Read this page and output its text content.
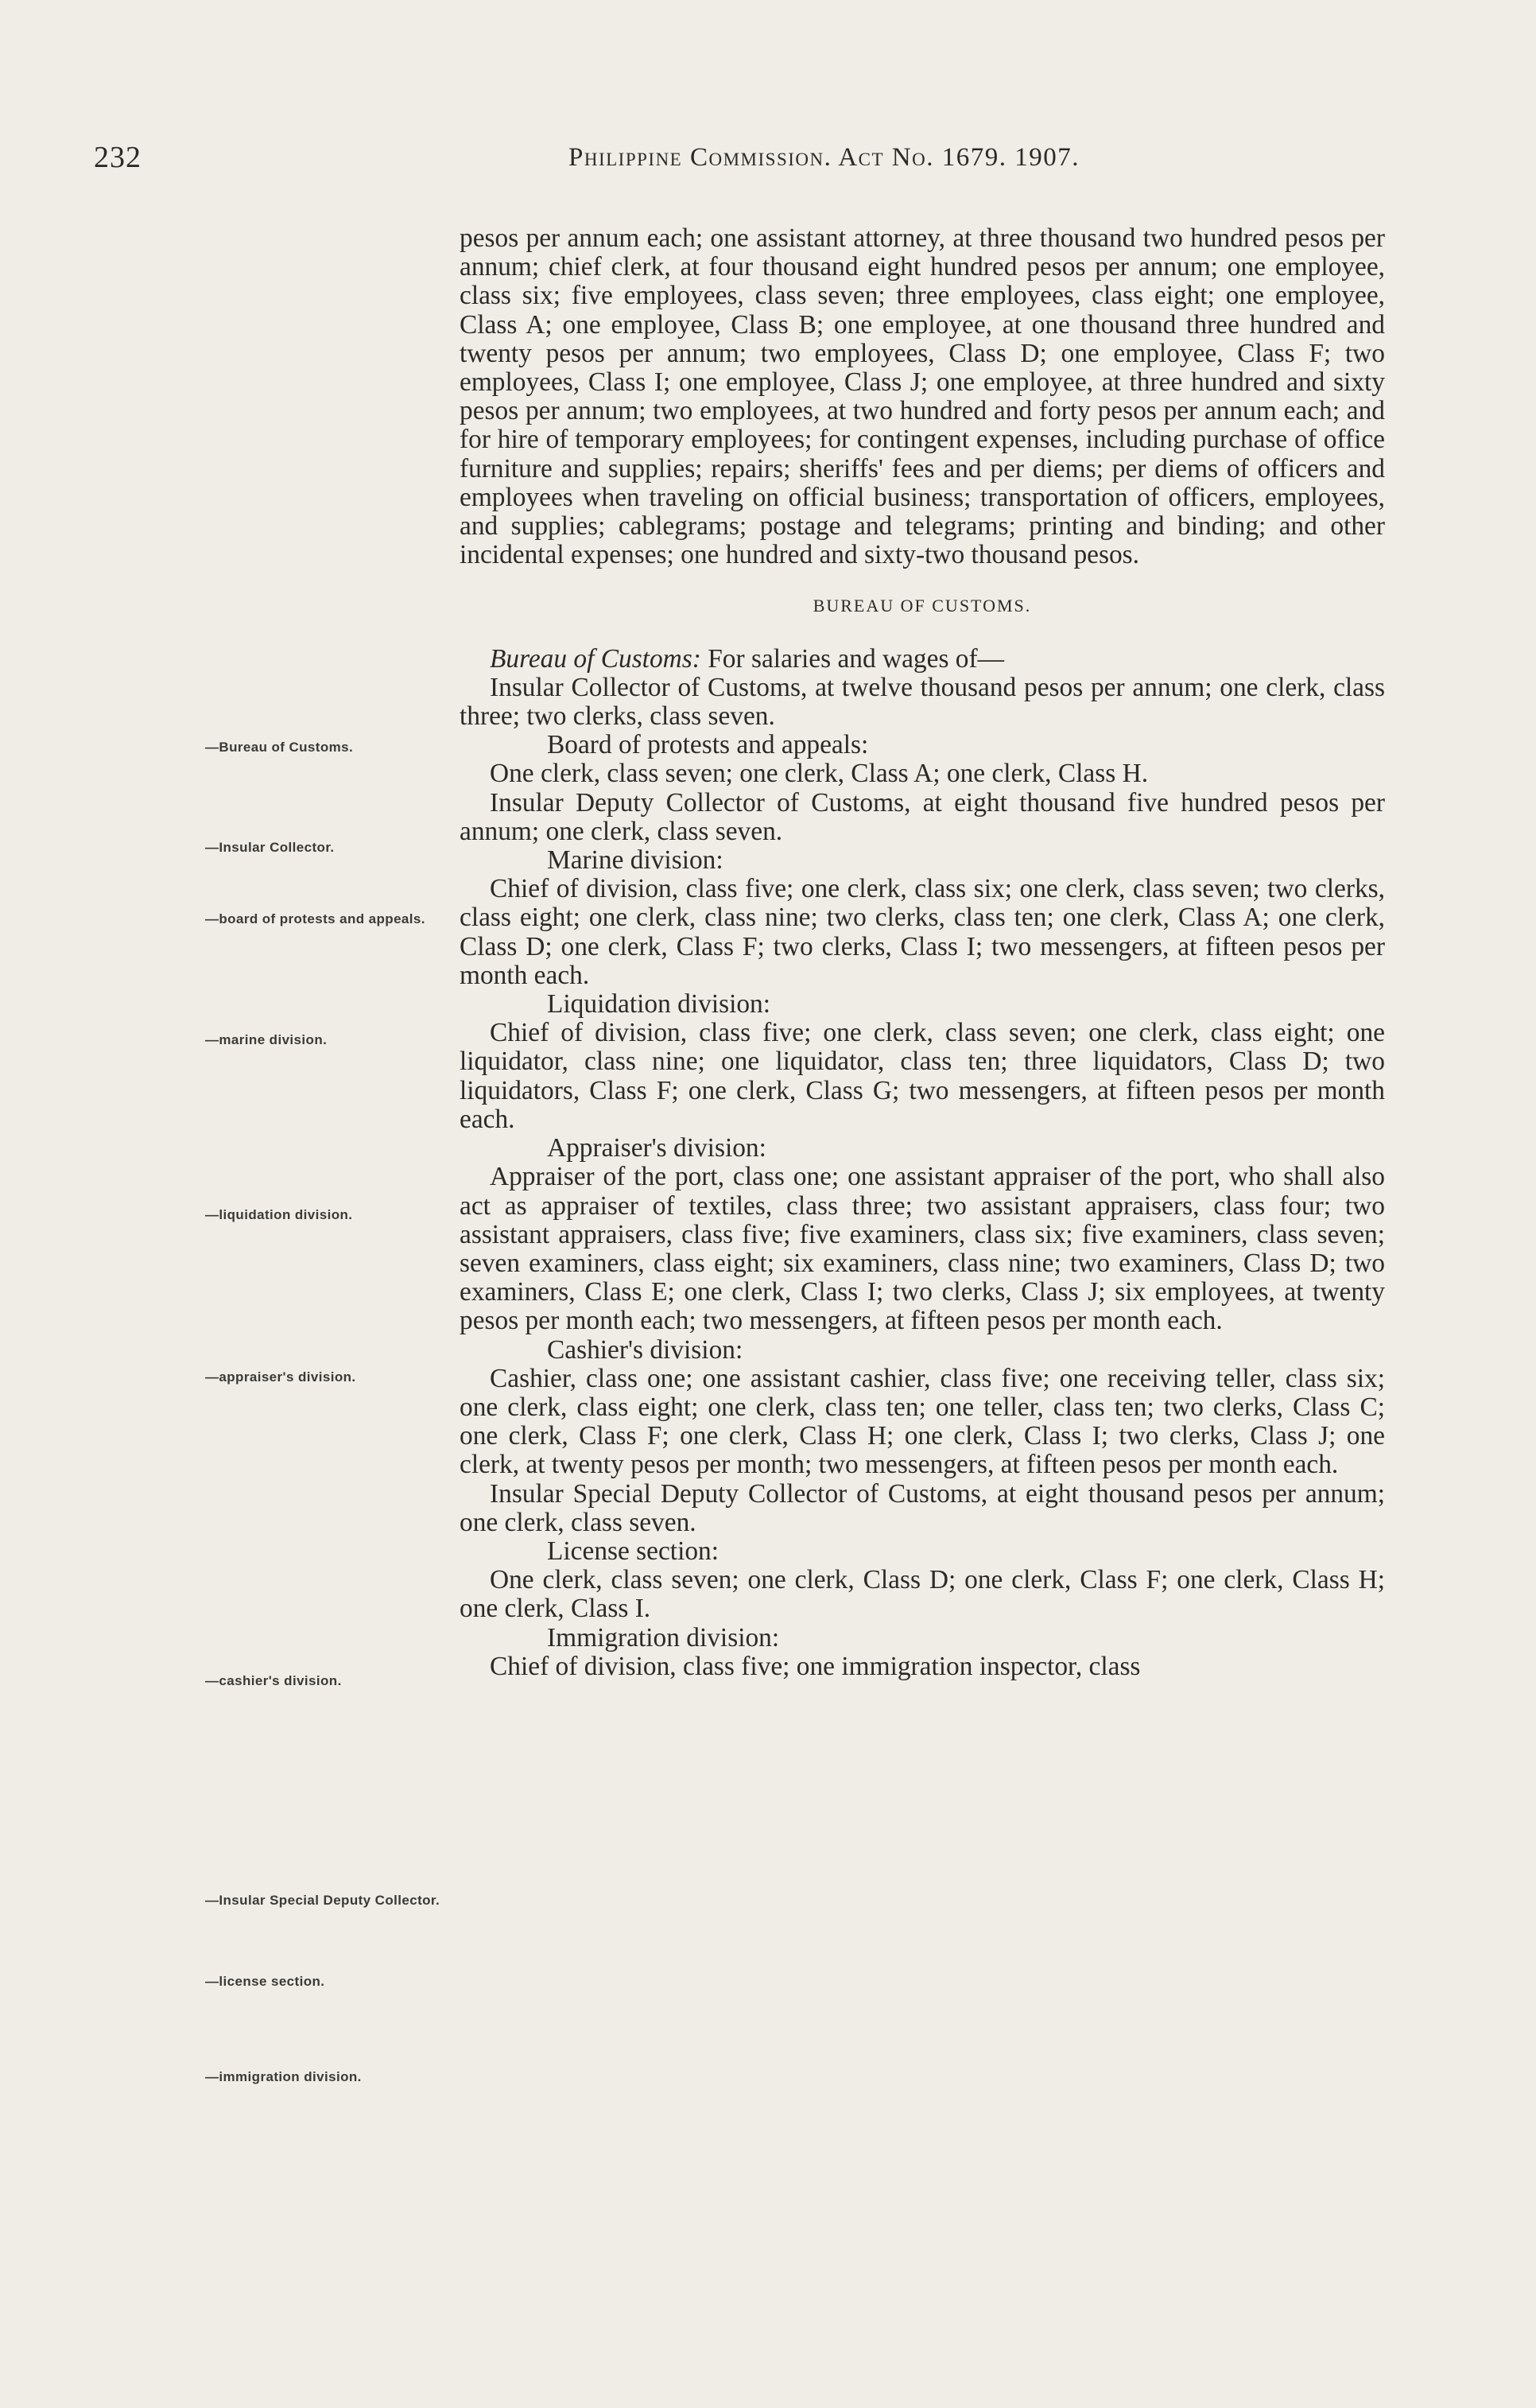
232	Philippine Commission. Act No. 1679. 1907.
—Bureau of Customs.
—Insular Collector.
—board of protests and appeals.
—marine division.
—liquidation division.
—appraiser's division.
—cashier's division.
—Insular Special Deputy Collector.
—license section.
—immigration division.

pesos per annum each; one assistant attorney, at three thousand two hundred pesos per annum; chief clerk, at four thousand eight hundred pesos per annum; one employee, class six; five employees, class seven; three employees, class eight; one employee, Class A; one employee, Class B; one employee, at one thousand three hundred and twenty pesos per annum; two employees, Class D; one employee, Class F; two employees, Class I; one employee, Class J; one employee, at three hundred and sixty pesos per annum; two employees, at two hundred and forty pesos per annum each; and for hire of temporary employees; for contingent expenses, including purchase of office furniture and supplies; repairs; sheriffs' fees and per diems; per diems of officers and employees when traveling on official business; transportation of officers, employees, and supplies; cablegrams; postage and telegrams; printing and binding; and other incidental expenses; one hundred and sixty-two thousand pesos.

BUREAU OF CUSTOMS.

Bureau of Customs: For salaries and wages of—

Insular Collector of Customs, at twelve thousand pesos per annum; one clerk, class three; two clerks, class seven.

Board of protests and appeals:

One clerk, class seven; one clerk, Class A; one clerk, Class H.

Insular Deputy Collector of Customs, at eight thousand five hundred pesos per annum; one clerk, class seven.

Marine division:

Chief of division, class five; one clerk, class six; one clerk, class seven; two clerks, class eight; one clerk, class nine; two clerks, class ten; one clerk, Class A; one clerk, Class D; one clerk, Class F; two clerks, Class I; two messengers, at fifteen pesos per month each.

Liquidation division:

Chief of division, class five; one clerk, class seven; one clerk, class eight; one liquidator, class nine; one liquidator, class ten; three liquidators, Class D; two liquidators, Class F; one clerk, Class G; two messengers, at fifteen pesos per month each.

Appraiser's division:

Appraiser of the port, class one; one assistant appraiser of the port, who shall also act as appraiser of textiles, class three; two assistant appraisers, class four; two assistant appraisers, class five; five examiners, class six; five examiners, class seven; seven examiners, class eight; six examiners, class nine; two examiners, Class D; two examiners, Class E; one clerk, Class I; two clerks, Class J; six employees, at twenty pesos per month each; two messengers, at fifteen pesos per month each.

Cashier's division:

Cashier, class one; one assistant cashier, class five; one receiving teller, class six; one clerk, class eight; one clerk, class ten; one teller, class ten; two clerks, Class C; one clerk, Class F; one clerk, Class H; one clerk, Class I; two clerks, Class J; one clerk, at twenty pesos per month; two messengers, at fifteen pesos per month each.

Insular Special Deputy Collector of Customs, at eight thousand pesos per annum; one clerk, class seven.

License section:

One clerk, class seven; one clerk, Class D; one clerk, Class F; one clerk, Class H; one clerk, Class I.

Immigration division:

Chief of division, class five; one immigration inspector, class
